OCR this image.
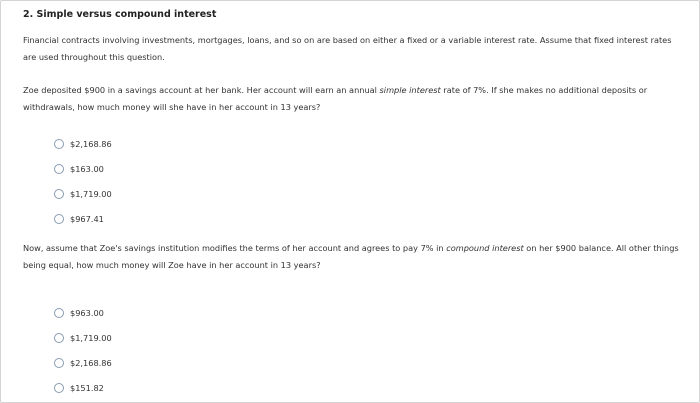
2. Simple versus compound interest

Financial contracts involving investments, mortgages, loans, and so on are based on either a fixed or a variable interest rate. Assume that fixed interest rates are used throughout this question.

Zoe deposited $900 in a savings account at her bank. Her account will earn an annual simple interest rate of 7%. If she makes no additional deposits or withdrawals, how much money will she have in her account in 13 years?

$2,168.86
$163.00
$1,719.00
$967.41

Now, assume that Zoe's savings institution modifies the terms of her account and agrees to pay 7% in compound interest on her $900 balance. All other things being equal, how much money will Zoe have in her account in 13 years?

$963.00
$1,719.00
$2,168.86
$151.82
